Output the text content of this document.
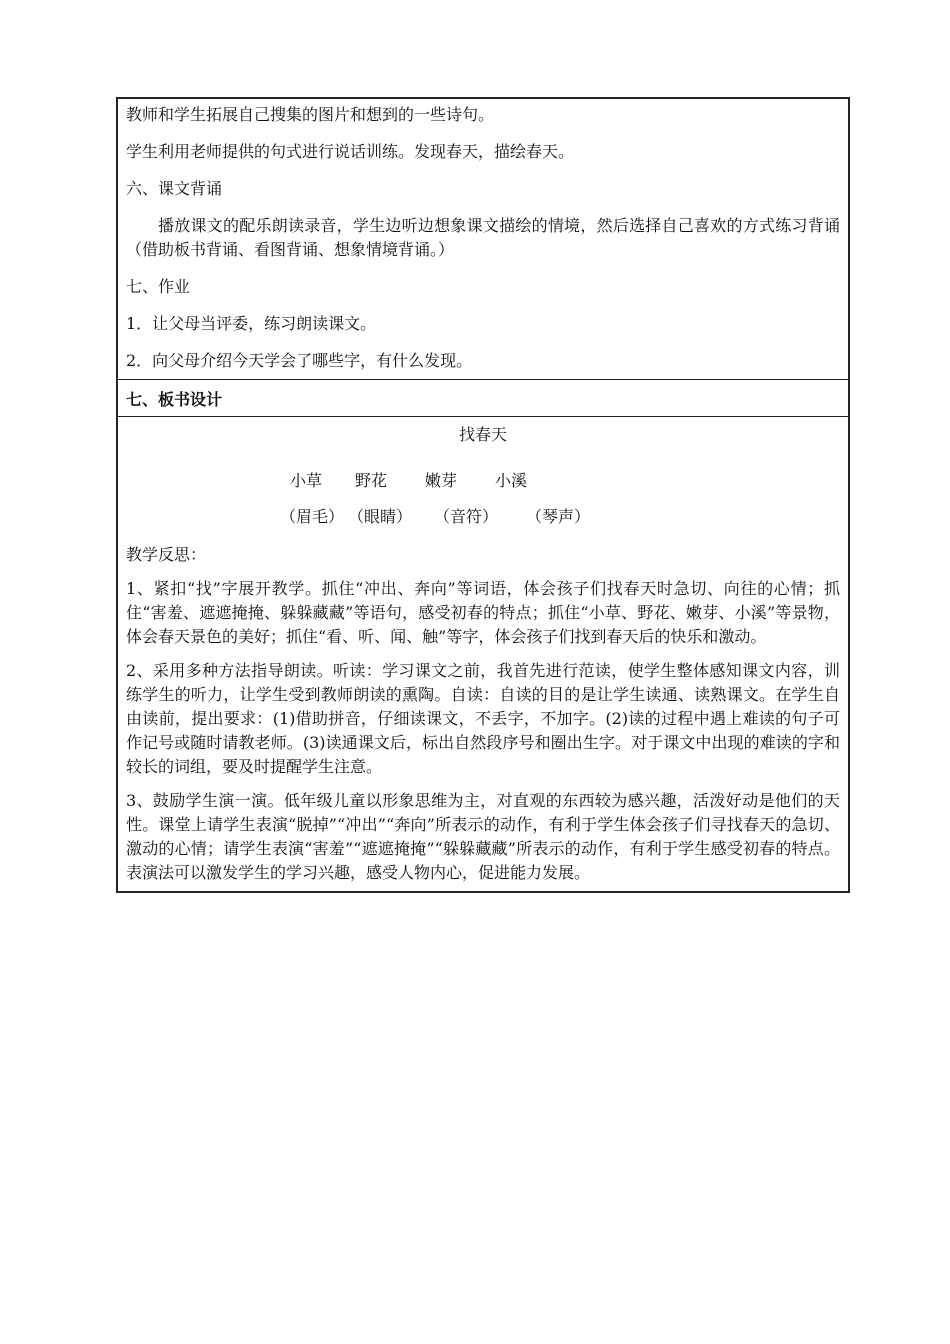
教师和学生拓展自己搜集的图片和想到的一些诗句。

学生利用老师提供的句式进行说话训练。发现春天，描绘春天。

六、课文背诵

播放课文的配乐朗读录音，学生边听边想象课文描绘的情境，然后选择自己喜欢的方式练习背诵（借助板书背诵、看图背诵、想象情境背诵。）

七、作业

1．让父母当评委，练习朗读课文。

2．向父母介绍今天学会了哪些字，有什么发现。

七、板书设计
找春天
小草 野花 嫩芽 小溪
（眉毛） （眼睛） （音符） （琴声）

教学反思：

1、紧扣“找”字展开教学。抓住“冲出、奔向”等词语，体会孩子们找春天时急切、向往的心情；抓住“害羞、遮遮掩掩、躲躲藏藏”等语句，感受初春的特点；抓住“小草、野花、嫩芽、小溪”等景物，体会春天景色的美好；抓住“看、听、闻、触”等字，体会孩子们找到春天后的快乐和激动。

2、采用多种方法指导朗读。听读：学习课文之前，我首先进行范读，使学生整体感知课文内容，训练学生的听力，让学生受到教师朗读的熏陶。自读：自读的目的是让学生读通、读熟课文。在学生自由读前，提出要求：(1)借助拼音，仔细读课文，不丢字，不加字。(2)读的过程中遇上难读的句子可作记号或随时请教老师。(3)读通课文后，标出自然段序号和圈出生字。对于课文中出现的难读的字和较长的词组，要及时提醒学生注意。

3、鼓励学生演一演。低年级儿童以形象思维为主，对直观的东西较为感兴趣，活泼好动是他们的天性。课堂上请学生表演“脱掉”“冲出”“奔向”所表示的动作，有利于学生体会孩子们寻找春天的急切、激动的心情；请学生表演“害羞”“遮遮掩掩”“躲躲藏藏”所表示的动作，有利于学生感受初春的特点。表演法可以激发学生的学习兴趣，感受人物内心，促进能力发展。
